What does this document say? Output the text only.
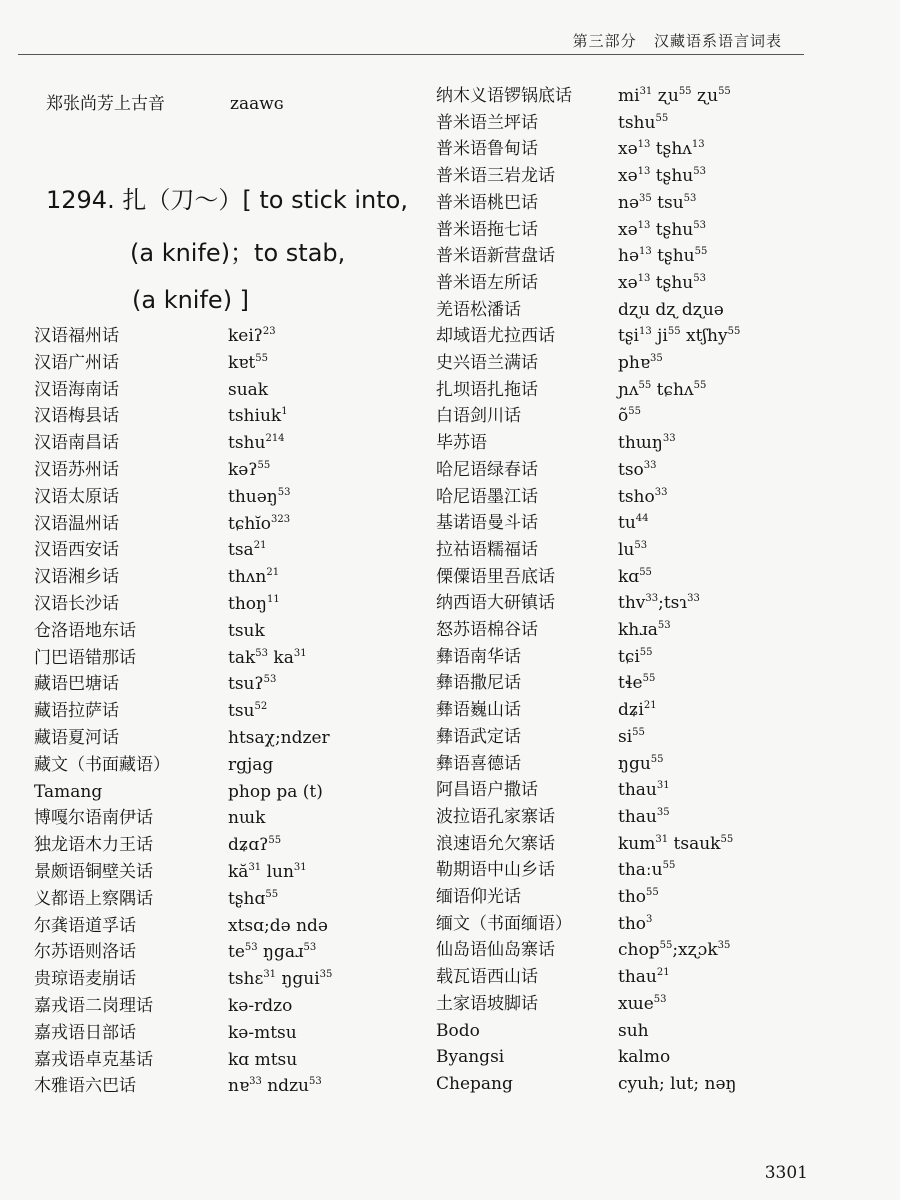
第三部分 汉藏语系语言词表
郑张尚芳上古音	zaawɢ
1294. 扎（刀～）[ to stick into,
(a knife)；to stab,
(a knife) ]
汉语福州话	keiʔ$^{23}$
汉语广州话	kɐt$^{55}$
汉语海南话	suak
汉语梅县话	tshiuk$^1$
汉语南昌话	tshu$^{214}$
汉语苏州话	kəʔ$^{55}$
汉语太原话	thuəŋ$^{53}$
汉语温州话	tɕhĭo$^{323}$
汉语西安话	tsa$^{21}$
汉语湘乡话	thʌn$^{21}$
汉语长沙话	thoŋ$^{11}$
仓洛语地东话	tsuk
门巴语错那话	tak$^{53}$ $ka^{31}$
藏语巴塘话	tsuʔ$^{53}$
藏语拉萨话	tsu$^{52}$
藏语夏河话	htsaχ;ndzer
藏文（书面藏语）	rgjag
Tamang	phop pa (t)
博嘎尔语南伊话	nɯk
独龙语木力王话	dʑɑʔ$^{55}$
景颇语铜壁关话	$kă^{31}$ lun$^{31}$
义都语上察隅话	tʂhɑ$^{55}$
尔龚语道孚话	xtsɑ;də ndə
尔苏语则洛话	$te^{53}$ ŋgaɹ$^{53}$
贵琼语麦崩话	tshɛ$^{31}$ ŋgui$^{35}$
嘉戎语二岗理话	kə-rdzo
嘉戎语日部话	kə-mtsu
嘉戎语卓克基话	kɑ mtsu
木雅语六巴话	nɐ$^{33}$ ndzu$^{53}$
纳木义语锣锅底话	$mi^{31}$ ʐu$^{55}$ ʐu$^{55}$
普米语兰坪话	tshu$^{55}$
普米语鲁甸话	xə$^{13}$ tʂhʌ$^{13}$
普米语三岩龙话	xə$^{13}$ tʂhu$^{53}$
普米语桃巴话	nə$^{35}$ tsu$^{53}$
普米语拖七话	xə$^{13}$ tʂhu$^{53}$
普米语新营盘话	hə$^{13}$ tʂhu$^{55}$
普米语左所话	xə$^{13}$ tʂhu$^{53}$
羌语松潘话	dʐu dʐ dʐuə
却域语尤拉西话	tʂi$^{13}$ $ji^{55}$ xtʃhy$^{55}$
史兴语兰满话	phɐ$^{35}$
扎坝语扎拖话	ɲʌ$^{55}$ tɕhʌ$^{55}$
白语剑川话	$õ^{55}$
毕苏语	thɯŋ$^{33}$
哈尼语绿春话	tso$^{33}$
哈尼语墨江话	tsho$^{33}$
基诺语曼斗话	$tu^{44}$
拉祜语糯福话	$lu^{53}$
傈僳语里吾底话	kɑ$^{55}$
纳西语大研镇话	thv$^{33}$;tsɿ$^{33}$
怒苏语棉谷话	khɹa$^{53}$
彝语南华话	tɕi$^{55}$
彝语撒尼话	tɬe$^{55}$
彝语巍山话	dʑi$^{21}$
彝语武定话	$si^{55}$
彝语喜德话	ŋgu$^{55}$
阿昌语户撒话	thau$^{31}$
波拉语孔家寨话	thau$^{35}$
浪速语允欠寨话	kum$^{31}$ tsauk$^{55}$
勒期语中山乡话	thaːu$^{55}$
缅语仰光话	tho$^{55}$
缅文（书面缅语）	tho$^3$
仙岛语仙岛寨话	chop$^{55}$;xʐɔk$^{35}$
载瓦语西山话	thau$^{21}$
土家语坡脚话	xɯe$^{53}$
Bodo	suh
Byangsi	kalmo
Chepang	cyuh; lut; nəŋ
3301
